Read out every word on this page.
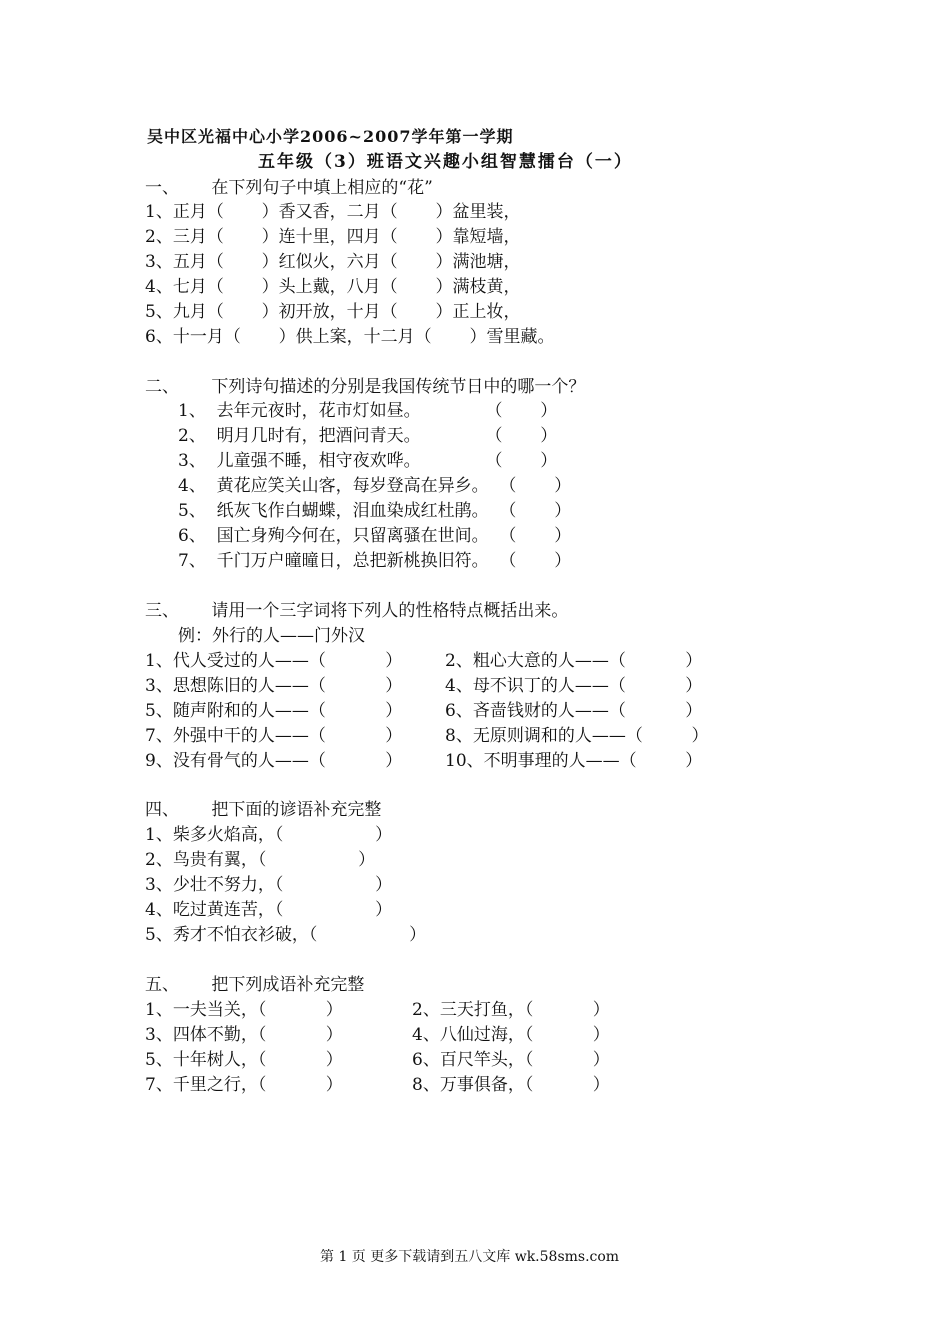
吴中区光福中心小学2006~2007学年第一学期
五年级（3）班语文兴趣小组智慧擂台（一）
一、      在下列句子中填上相应的“花”
1、正月（       ）香又香，二月（       ）盆里装，
2、三月（       ）连十里，四月（       ）靠短墙，
3、五月（       ）红似火，六月（       ）满池塘，
4、七月（       ）头上戴，八月（       ）满枝黄，
5、九月（       ）初开放，十月（       ）正上妆，
6、十一月（       ）供上案，十二月（       ）雪里藏。
二、      下列诗句描述的分别是我国传统节日中的哪一个？
1、  去年元夜时，花市灯如昼。            （       ）
2、  明月几时有，把酒问青天。            （       ）
3、  儿童强不睡，相守夜欢哗。            （       ）
4、  黄花应笑关山客，每岁登高在异乡。  （       ）
5、  纸灰飞作白蝴蝶，泪血染成红杜鹃。  （       ）
6、  国亡身殉今何在，只留离骚在世间。  （       ）
7、  千门万户曈曈日，总把新桃换旧符。  （       ）
三、      请用一个三字词将下列人的性格特点概括出来。
例：外行的人——门外汉
1、代人受过的人——（           ）	2、粗心大意的人——（           ）
3、思想陈旧的人——（           ）	4、母不识丁的人——（           ）
5、随声附和的人——（           ）	6、吝啬钱财的人——（           ）
7、外强中干的人——（           ）	8、无原则调和的人——（         ）
9、没有骨气的人——（           ）	10、不明事理的人——（         ）
四、      把下面的谚语补充完整
1、柴多火焰高，（                 ）
2、鸟贵有翼，（                 ）
3、少壮不努力，（                 ）
4、吃过黄连苦，（                 ）
5、秀才不怕衣衫破，（                 ）
五、      把下列成语补充完整
1、一夫当关，（           ）	2、三天打鱼，（           ）
3、四体不勤，（           ）	4、八仙过海，（           ）
5、十年树人，（           ）	6、百尺竿头，（           ）
7、千里之行，（           ）	8、万事俱备，（           ）
第 1 页 更多下载请到五八文库 wk.58sms.com
